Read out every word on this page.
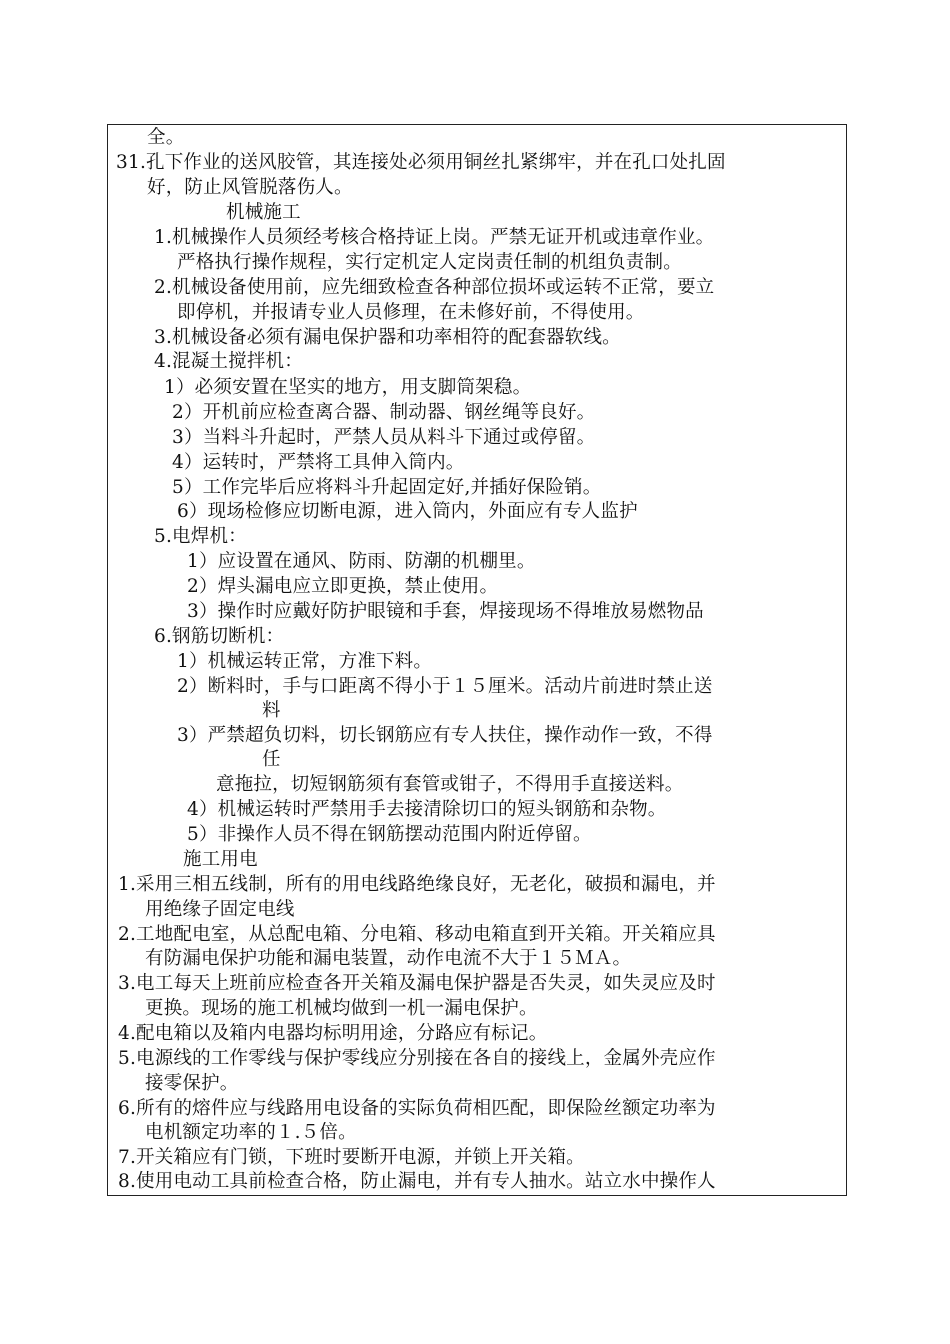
全。
31.孔下作业的送风胶管，其连接处必须用铜丝扎紧绑牢，并在孔口处扎固
好，防止风管脱落伤人。
机械施工
1.机械操作人员须经考核合格持证上岗。严禁无证开机或违章作业。
严格执行操作规程，实行定机定人定岗责任制的机组负责制。
2.机械设备使用前，应先细致检查各种部位损坏或运转不正常，要立
即停机，并报请专业人员修理，在未修好前，不得使用。
3.机械设备必须有漏电保护器和功率相符的配套器软线。
4.混凝土搅拌机：
1）必须安置在坚实的地方，用支脚筒架稳。
2）开机前应检查离合器、制动器、钢丝绳等良好。
3）当料斗升起时，严禁人员从料斗下通过或停留。
4）运转时，严禁将工具伸入筒内。
5）工作完毕后应将料斗升起固定好,并插好保险销。
6）现场检修应切断电源，进入筒内，外面应有专人监护
5.电焊机：
1）应设置在通风、防雨、防潮的机棚里。
2）焊头漏电应立即更换，禁止使用。
3）操作时应戴好防护眼镜和手套，焊接现场不得堆放易燃物品
6.钢筋切断机：
1）机械运转正常，方准下料。
2）断料时，手与口距离不得小于１５厘米。活动片前进时禁止送
料
3）严禁超负切料，切长钢筋应有专人扶住，操作动作一致，不得
任
意拖拉，切短钢筋须有套管或钳子，不得用手直接送料。
4）机械运转时严禁用手去接清除切口的短头钢筋和杂物。
5）非操作人员不得在钢筋摆动范围内附近停留。
施工用电
1.采用三相五线制，所有的用电线路绝缘良好，无老化，破损和漏电，并
用绝缘子固定电线
2.工地配电室，从总配电箱、分电箱、移动电箱直到开关箱。开关箱应具
有防漏电保护功能和漏电装置，动作电流不大于１５ＭＡ。
3.电工每天上班前应检查各开关箱及漏电保护器是否失灵，如失灵应及时
更换。现场的施工机械均做到一机一漏电保护。
4.配电箱以及箱内电器均标明用途，分路应有标记。
5.电源线的工作零线与保护零线应分别接在各自的接线上，金属外壳应作
接零保护。
6.所有的熔件应与线路用电设备的实际负荷相匹配，即保险丝额定功率为
电机额定功率的１.５倍。
7.开关箱应有门锁，下班时要断开电源，并锁上开关箱。
8.使用电动工具前检查合格，防止漏电，并有专人抽水。站立水中操作人
